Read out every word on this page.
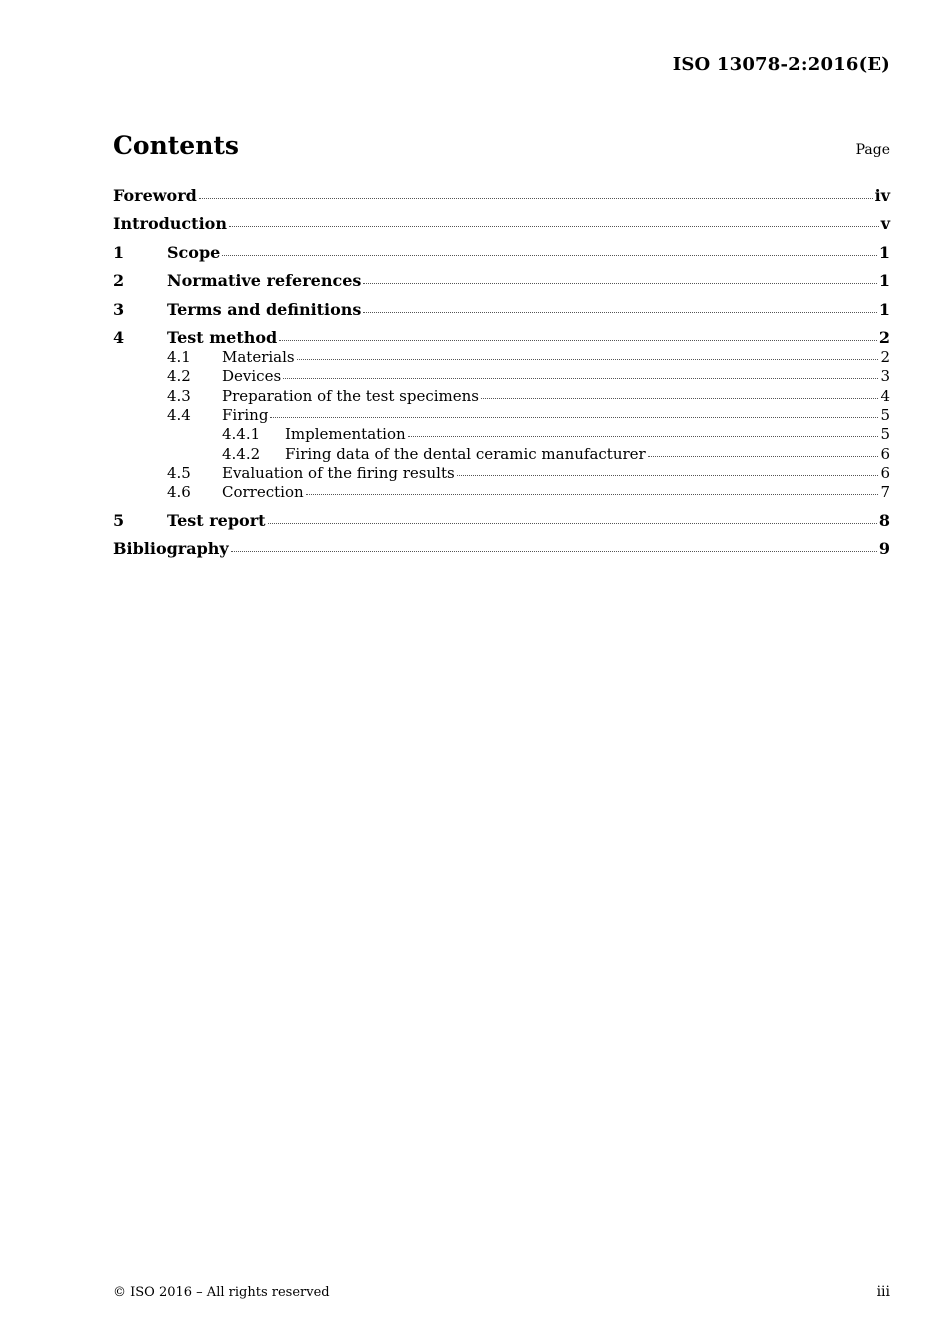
ISO 13078-2:2016(E)
Contents	Page
Foreword	iv
Introduction	v
1	Scope	1
2	Normative references	1
3	Terms and definitions	1
4	Test method	2
4.1	Materials	2
4.2	Devices	3
4.3	Preparation of the test specimens	4
4.4	Firing	5
4.4.1	Implementation	5
4.4.2	Firing data of the dental ceramic manufacturer	6
4.5	Evaluation of the firing results	6
4.6	Correction	7
5	Test report	8
Bibliography	9
© ISO 2016 – All rights reserved	iii
